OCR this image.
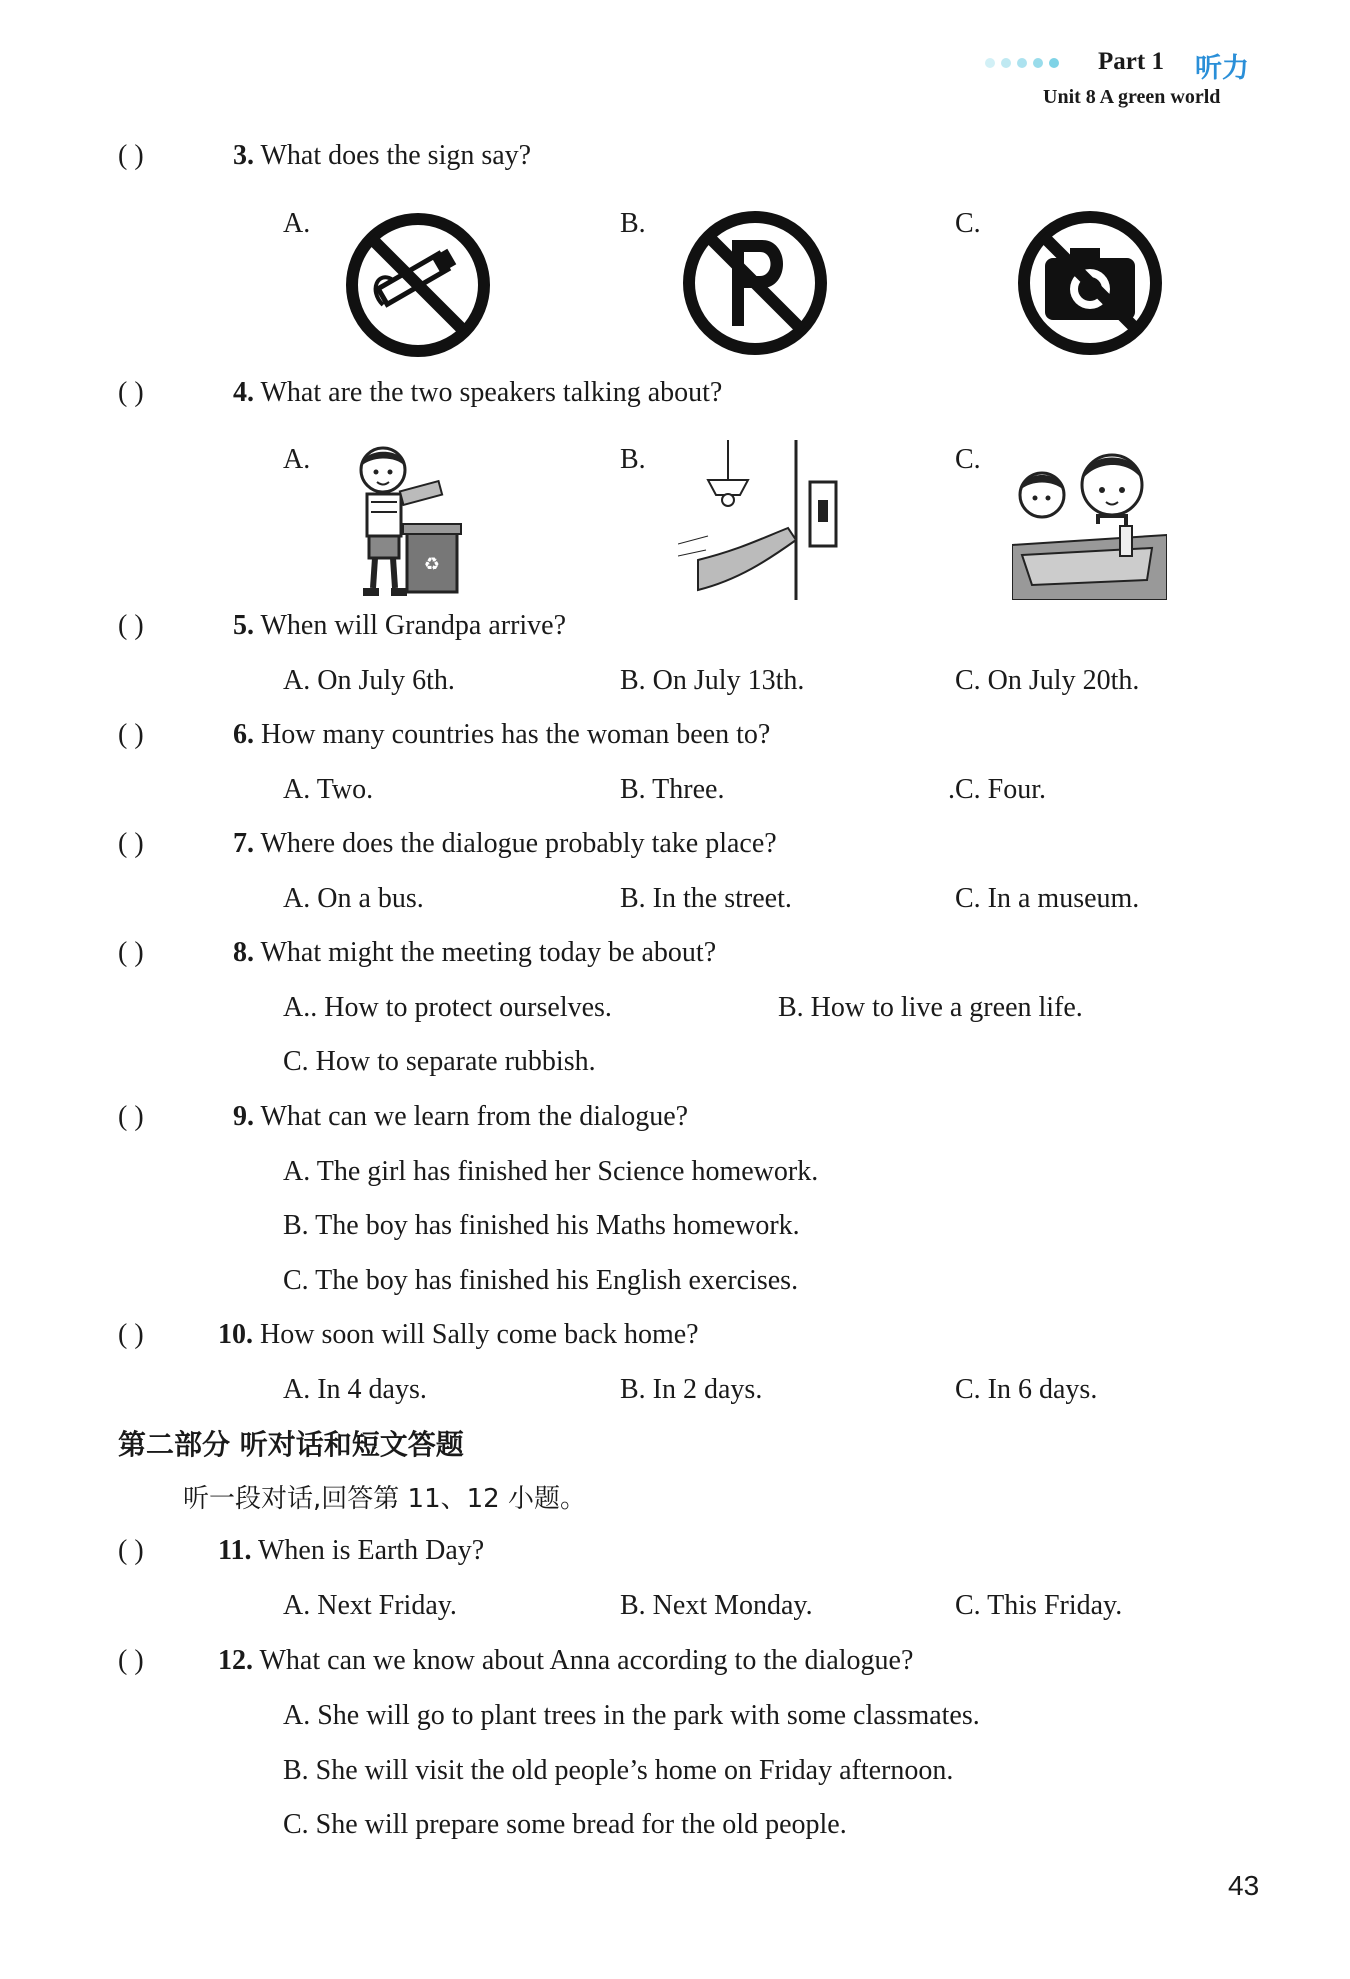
Part 1 听力
Unit 8 A green world
( )	3. What does the sign say?
A.	B.	C.
( )	4. What are the two speakers talking about?
A.	B.	C.
♻
( )	5. When will Grandpa arrive?
A. On July 6th.	B. On July 13th.	C. On July 20th.
( )	6. How many countries has the woman been to?
A. Two.	B. Three.	.C. Four.
( )	7. Where does the dialogue probably take place?
A. On a bus.	B. In the street.	C. In a museum.
( )	8. What might the meeting today be about?
A.. How to protect ourselves.	B. How to live a green life.
C. How to separate rubbish.
( )	9. What can we learn from the dialogue?
A. The girl has finished her Science homework.
B. The boy has finished his Maths homework.
C. The boy has finished his English exercises.
( )	10. How soon will Sally come back home?
A. In 4 days.	B. In 2 days.	C. In 6 days.
第二部分 听对话和短文答题
听一段对话,回答第 11、12 小题。
( )	11. When is Earth Day?
A. Next Friday.	B. Next Monday.	C. This Friday.
( )	12. What can we know about Anna according to the dialogue?
A. She will go to plant trees in the park with some classmates.
B. She will visit the old people’s home on Friday afternoon.
C. She will prepare some bread for the old people.
43
